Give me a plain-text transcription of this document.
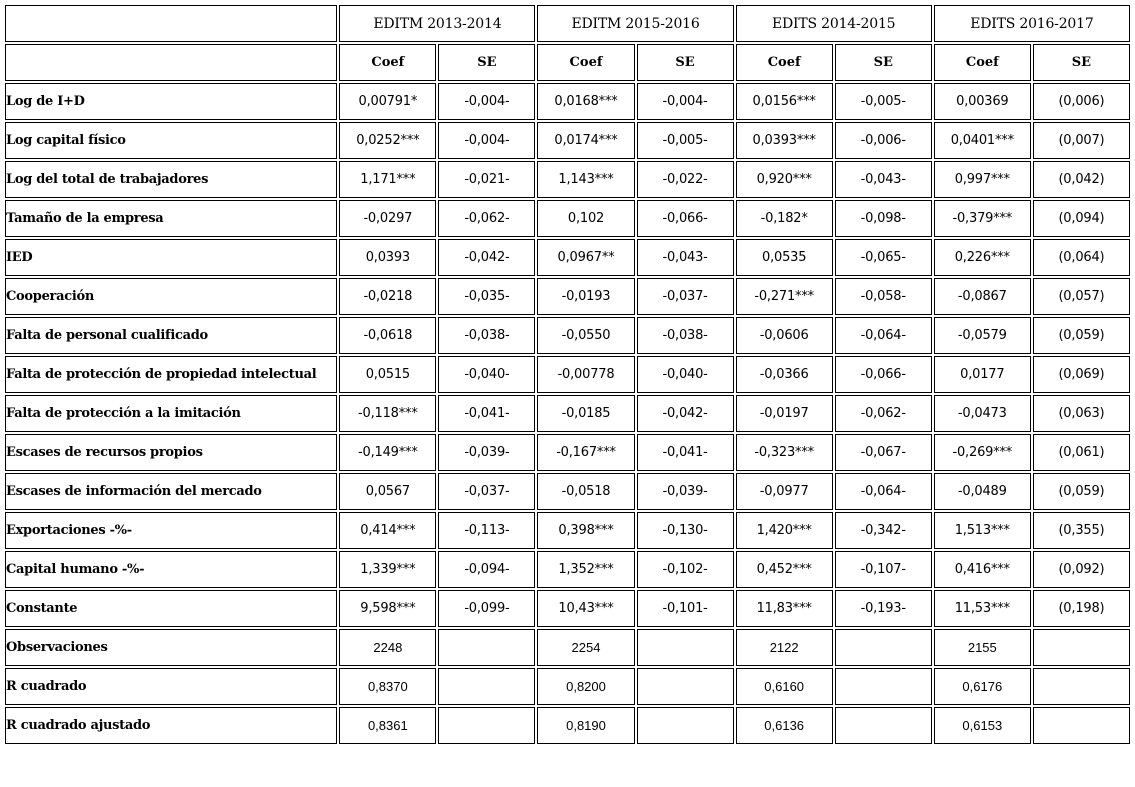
	EDITM 2013-2014		EDITM 2015-2016		EDITS 2014-2015		EDITS 2016-2017	
	Coef	SE	Coef	SE	Coef	SE	Coef	SE
Log de I+D	0,00791*	-0,004-	0,0168***	-0,004-	0,0156***	-0,005-	0,00369	(0,006)
Log capital físico	0,0252***	-0,004-	0,0174***	-0,005-	0,0393***	-0,006-	0,0401***	(0,007)
Log del total de trabajadores	1,171***	-0,021-	1,143***	-0,022-	0,920***	-0,043-	0,997***	(0,042)
Tamaño de la empresa	-0,0297	-0,062-	0,102	-0,066-	-0,182*	-0,098-	-0,379***	(0,094)
IED	0,0393	-0,042-	0,0967**	-0,043-	0,0535	-0,065-	0,226***	(0,064)
Cooperación	-0,0218	-0,035-	-0,0193	-0,037-	-0,271***	-0,058-	-0,0867	(0,057)
Falta de personal cualificado	-0,0618	-0,038-	-0,0550	-0,038-	-0,0606	-0,064-	-0,0579	(0,059)
Falta de protección de propiedad intelectual	0,0515	-0,040-	-0,00778	-0,040-	-0,0366	-0,066-	0,0177	(0,069)
Falta de protección a la imitación	-0,118***	-0,041-	-0,0185	-0,042-	-0,0197	-0,062-	-0,0473	(0,063)
Escases de recursos propios	-0,149***	-0,039-	-0,167***	-0,041-	-0,323***	-0,067-	-0,269***	(0,061)
Escases de información del mercado	0,0567	-0,037-	-0,0518	-0,039-	-0,0977	-0,064-	-0,0489	(0,059)
Exportaciones -%-	0,414***	-0,113-	0,398***	-0,130-	1,420***	-0,342-	1,513***	(0,355)
Capital humano -%-	1,339***	-0,094-	1,352***	-0,102-	0,452***	-0,107-	0,416***	(0,092)
Constante	9,598***	-0,099-	10,43***	-0,101-	11,83***	-0,193-	11,53***	(0,198)
Observaciones	2248		2254		2122		2155	
R cuadrado	0,8370		0,8200		0,6160		0,6176	
R cuadrado ajustado	0,8361		0,8190		0,6136		0,6153	
